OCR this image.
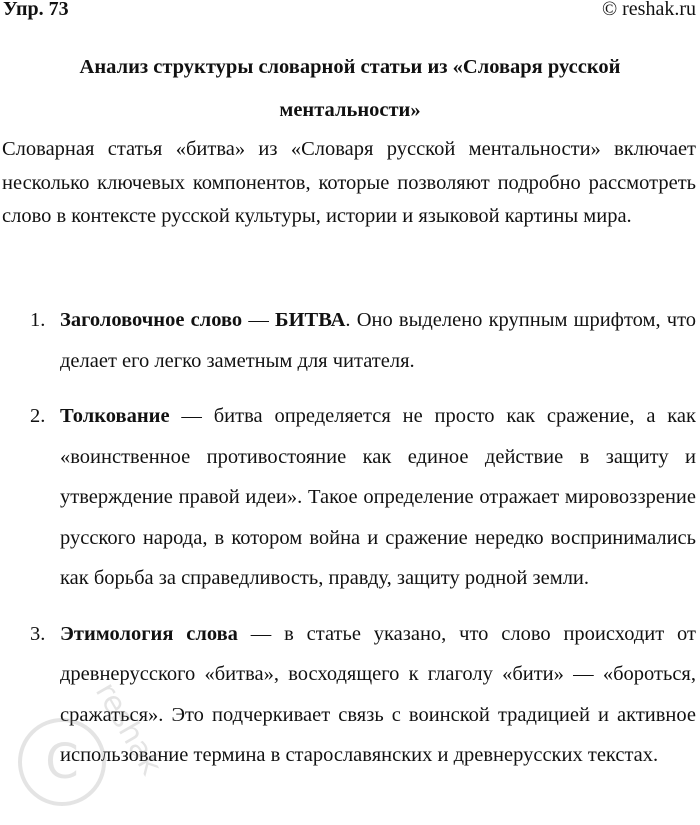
Упр. 73	© reshak.ru
Анализ структуры словарной статьи из «Словаря русской ментальности»

Словарная статья «битва» из «Словаря русской ментальности» включает несколько ключевых компонентов, которые позволяют подробно рассмотреть слово в контексте русской культуры, истории и языковой картины мира.

1. Заголовочное слово — БИТВА. Оно выделено крупным шрифтом, что делает его легко заметным для читателя.
2. Толкование — битва определяется не просто как сражение, а как «воинственное противостояние как единое действие в защиту и утверждение правой идеи». Такое определение отражает мировоззрение русского народа, в котором война и сражение нередко воспринимались как борьба за справедливость, правду, защиту родной земли.
3. Этимология слова — в статье указано, что слово происходит от древнерусского «битва», восходящего к глаголу «бити» — «бороться, сражаться». Это подчеркивает связь с воинской традицией и активное использование термина в старославянских и древнерусских текстах.
C reshak
